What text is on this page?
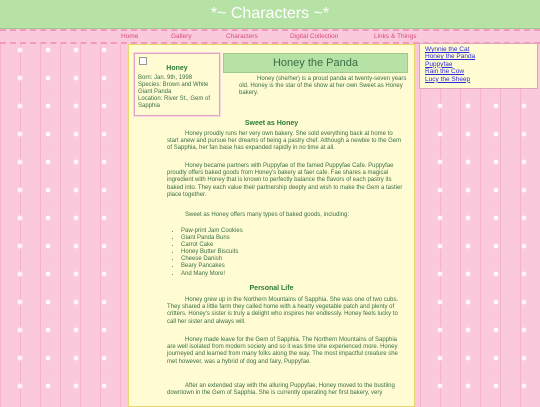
*~ Characters ~*
Home	Gallery	Characters	Digital Collection	Links & Things
Honey
Born: Jan. 9th, 1998
Species: Brown and White Giant Panda
Location: River St., Gem of Sapphia
Honey the Panda
Honey (she/her) is a proud panda at twenty-seven years old. Honey is the star of the show at her own Sweet as Honey bakery.
Sweet as Honey
Honey proudly runs her very own bakery. She sold everything back at home to start anew and pursue her dreams of being a pastry chef. Although a newbie to the Gem of Sapphia, her fan base has expanded rapidly in no time at all.
Honey became partners with Puppyfae of the famed Puppyfae Cafe. Puppyfae proudly offers baked goods from Honey's bakery at faer cafe. Fae shares a magical ingredient with Honey that is known to perfectly balance the flavors of each pastry its baked into. They each value their partnership deeply and wish to make the Gem a tastier place together.
Sweet as Honey offers many types of baked goods, including:
• Paw-print Jam Cookies
• Giant Panda Buns
• Carrot Cake
• Honey Butter Biscuits
• Cheese Danish
• Beary Pancakes
• And Many More!
Personal Life
Honey grew up in the Northern Mountains of Sapphia. She was one of two cubs. They shared a little farm they called home with a hearty vegetable patch and plenty of critters. Honey's sister is truly a delight who inspires her endlessly. Honey feels lucky to call her sister and always will.
Honey made leave for the Gem of Sapphia. The Northern Mountains of Sapphia are well isolated from modern society and so it was time she experienced more. Honey journeyed and learned from many folks along the way. The most impactful creature she met however, was a hybrid of dog and fairy, Puppyfae.
After an extended stay with the alluring Puppyfae, Honey moved to the bustling downtown in the Gem of Sapphia. She is currently operating her first bakery, very
Wynnie the Cat
Honey the Panda
Puppyfae
Rain the Cow
Lucy the Sheep
